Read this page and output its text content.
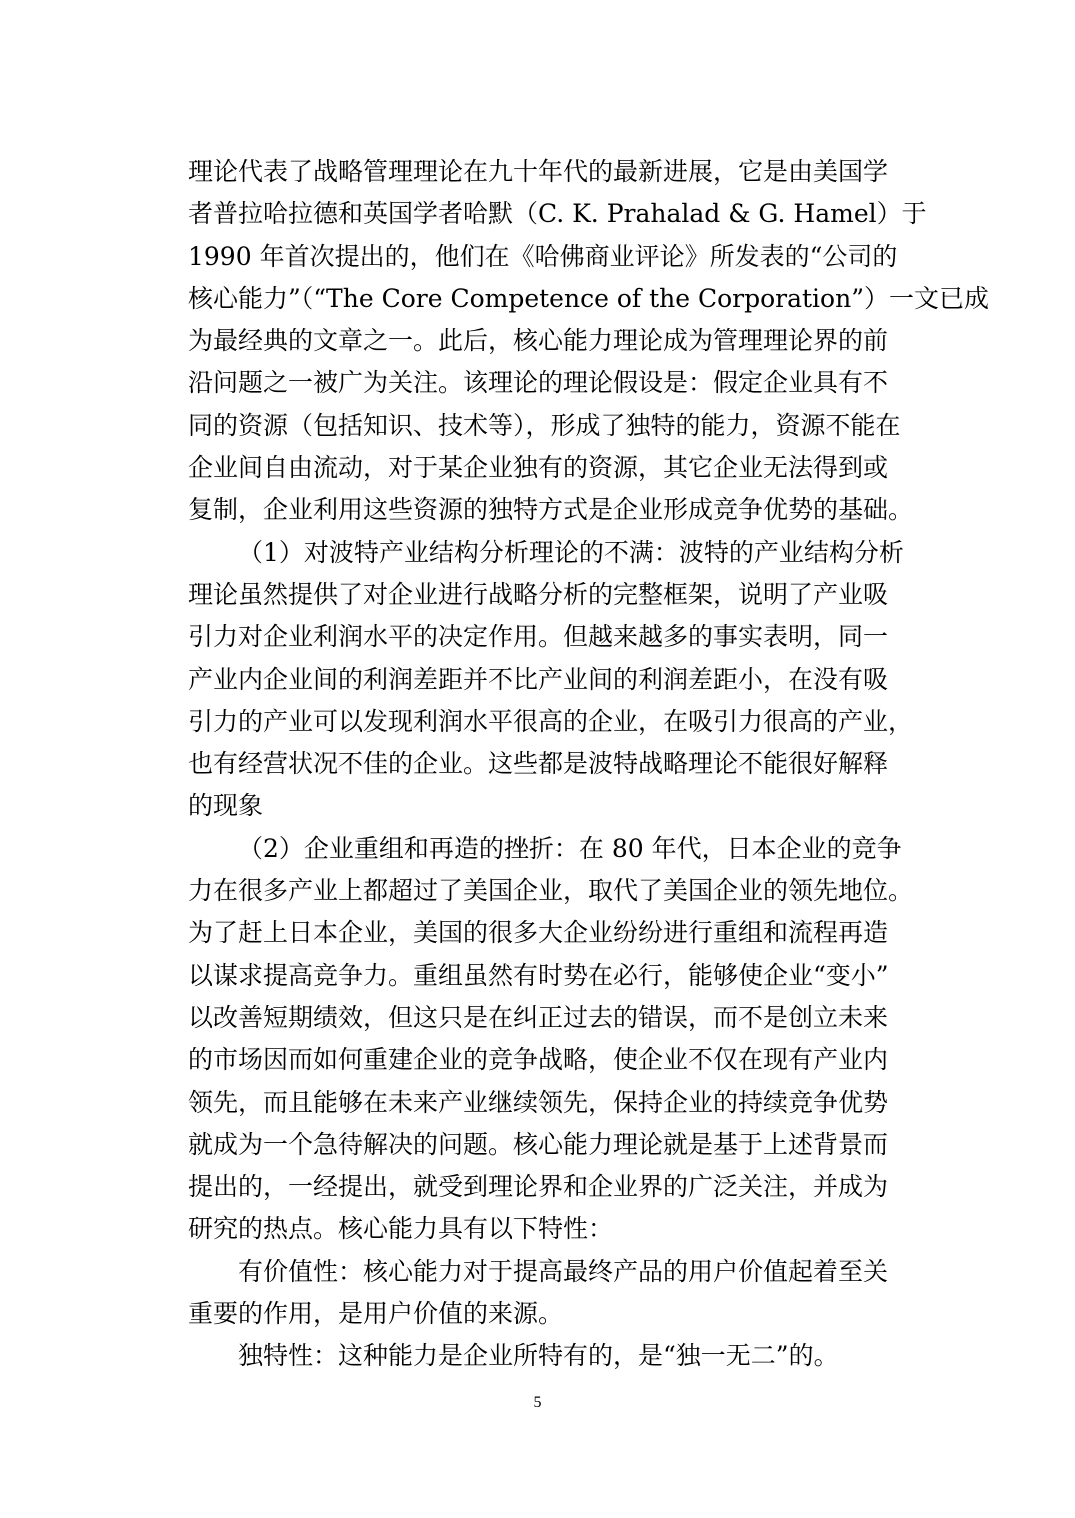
理论代表了战略管理理论在九十年代的最新进展，它是由美国学
者普拉哈拉德和英国学者哈默（C. K. Prahalad & G. Hamel）于
1990 年首次提出的，他们在《哈佛商业评论》所发表的“公司的
核心能力”（“The Core Competence of the Corporation”）一文已成
为最经典的文章之一。此后，核心能力理论成为管理理论界的前
沿问题之一被广为关注。该理论的理论假设是：假定企业具有不
同的资源（包括知识、技术等），形成了独特的能力，资源不能在
企业间自由流动，对于某企业独有的资源，其它企业无法得到或
复制，企业利用这些资源的独特方式是企业形成竞争优势的基础。
（1）对波特产业结构分析理论的不满：波特的产业结构分析
理论虽然提供了对企业进行战略分析的完整框架，说明了产业吸
引力对企业利润水平的决定作用。但越来越多的事实表明，同一
产业内企业间的利润差距并不比产业间的利润差距小，在没有吸
引力的产业可以发现利润水平很高的企业，在吸引力很高的产业，
也有经营状况不佳的企业。这些都是波特战略理论不能很好解释
的现象
（2）企业重组和再造的挫折：在 80 年代，日本企业的竞争
力在很多产业上都超过了美国企业，取代了美国企业的领先地位。
为了赶上日本企业，美国的很多大企业纷纷进行重组和流程再造
以谋求提高竞争力。重组虽然有时势在必行，能够使企业“变小”
以改善短期绩效，但这只是在纠正过去的错误，而不是创立未来
的市场因而如何重建企业的竞争战略，使企业不仅在现有产业内
领先，而且能够在未来产业继续领先，保持企业的持续竞争优势
就成为一个急待解决的问题。核心能力理论就是基于上述背景而
提出的，一经提出，就受到理论界和企业界的广泛关注，并成为
研究的热点。核心能力具有以下特性：
有价值性：核心能力对于提高最终产品的用户价值起着至关
重要的作用，是用户价值的来源。
独特性：这种能力是企业所特有的，是“独一无二”的。
5
